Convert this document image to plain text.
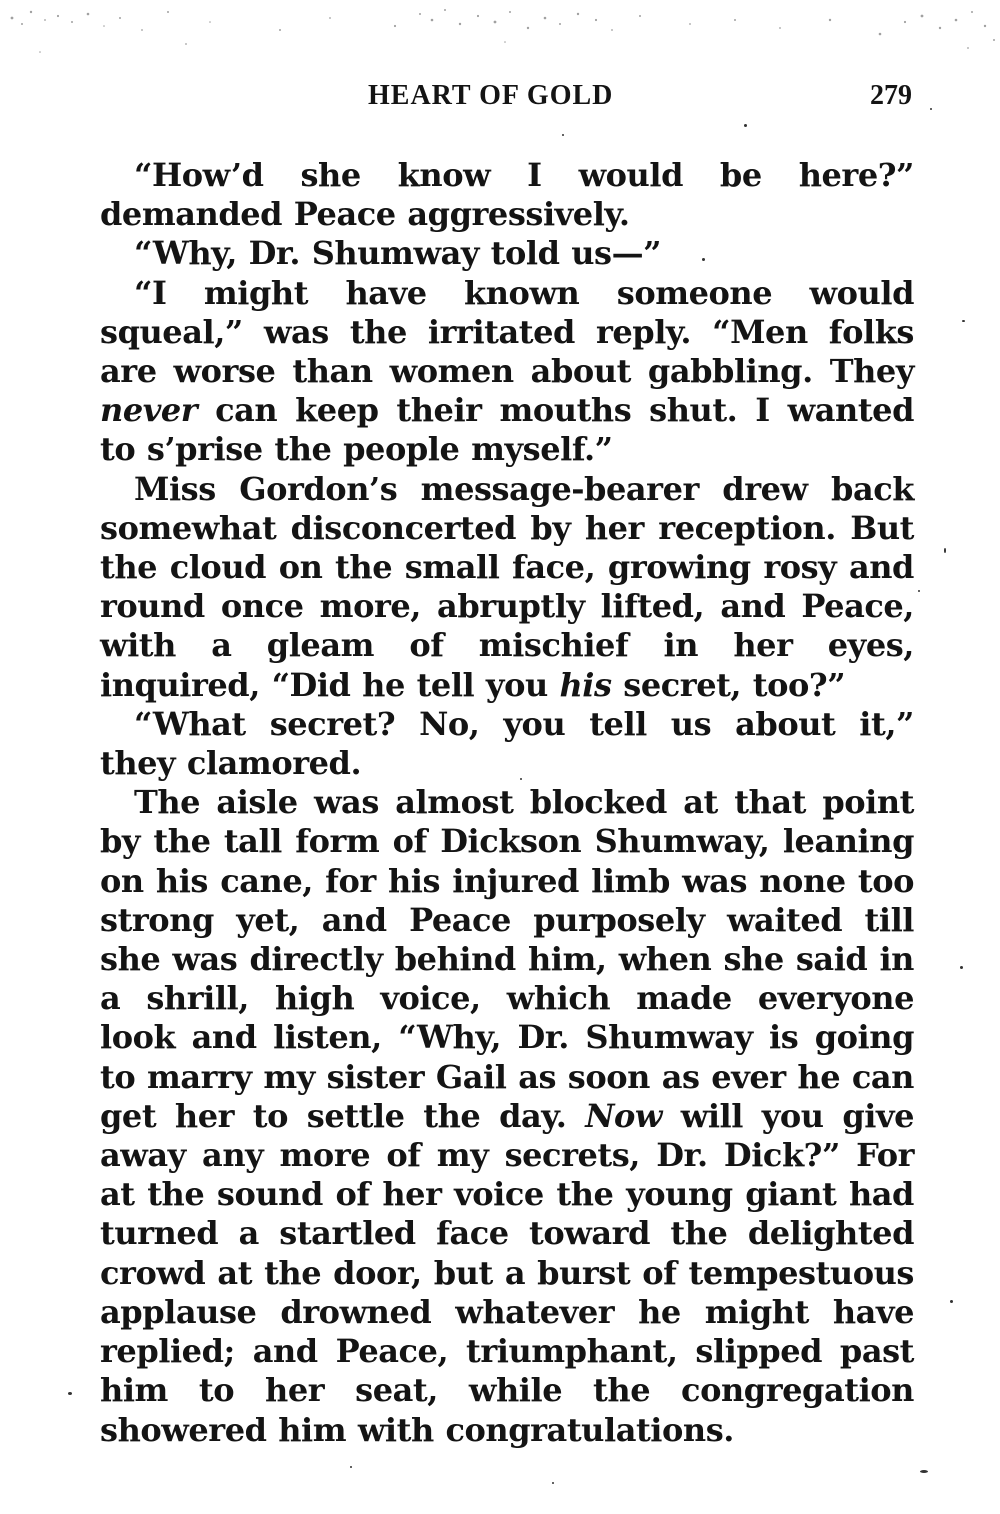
HEART OF GOLD	279

“How’d she know I would be here?” demanded Peace aggressively.

“Why, Dr. Shumway told us—”

“I might have known someone would squeal,” was the irritated reply. “Men folks are worse than women about gabbling. They never can keep their mouths shut. I wanted to s’prise the people myself.”

Miss Gordon’s message-bearer drew back somewhat disconcerted by her reception. But the cloud on the small face, growing rosy and round once more, abruptly lifted, and Peace, with a gleam of mischief in her eyes, inquired, “Did he tell you his secret, too?”

“What secret? No, you tell us about it,” they clamored.

The aisle was almost blocked at that point by the tall form of Dickson Shumway, leaning on his cane, for his injured limb was none too strong yet, and Peace purposely waited till she was directly behind him, when she said in a shrill, high voice, which made everyone look and listen, “Why, Dr. Shumway is going to marry my sister Gail as soon as ever he can get her to settle the day. Now will you give away any more of my secrets, Dr. Dick?” For at the sound of her voice the young giant had turned a startled face toward the delighted crowd at the door, but a burst of tempestuous applause drowned whatever he might have replied; and Peace, triumphant, slipped past him to her seat, while the congregation showered him with congratulations.
